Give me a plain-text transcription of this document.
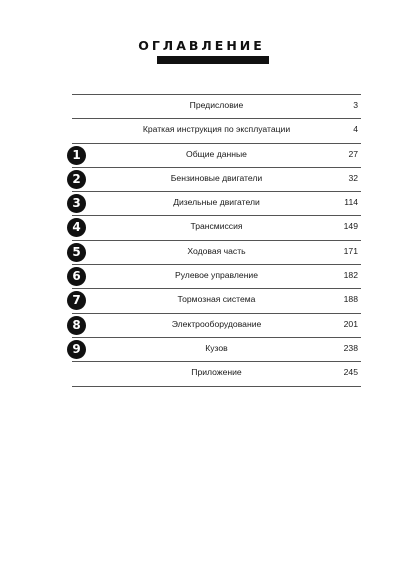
ОГЛАВЛЕНИЕ
Предисловие	3
Краткая инструкция по эксплуатации	4
1	Общие данные	27
2	Бензиновые двигатели	32
3	Дизельные двигатели	114
4	Трансмиссия	149
5	Ходовая часть	171
6	Рулевое управление	182
7	Тормозная система	188
8	Электрооборудование	201
9	Кузов	238
Приложение	245
